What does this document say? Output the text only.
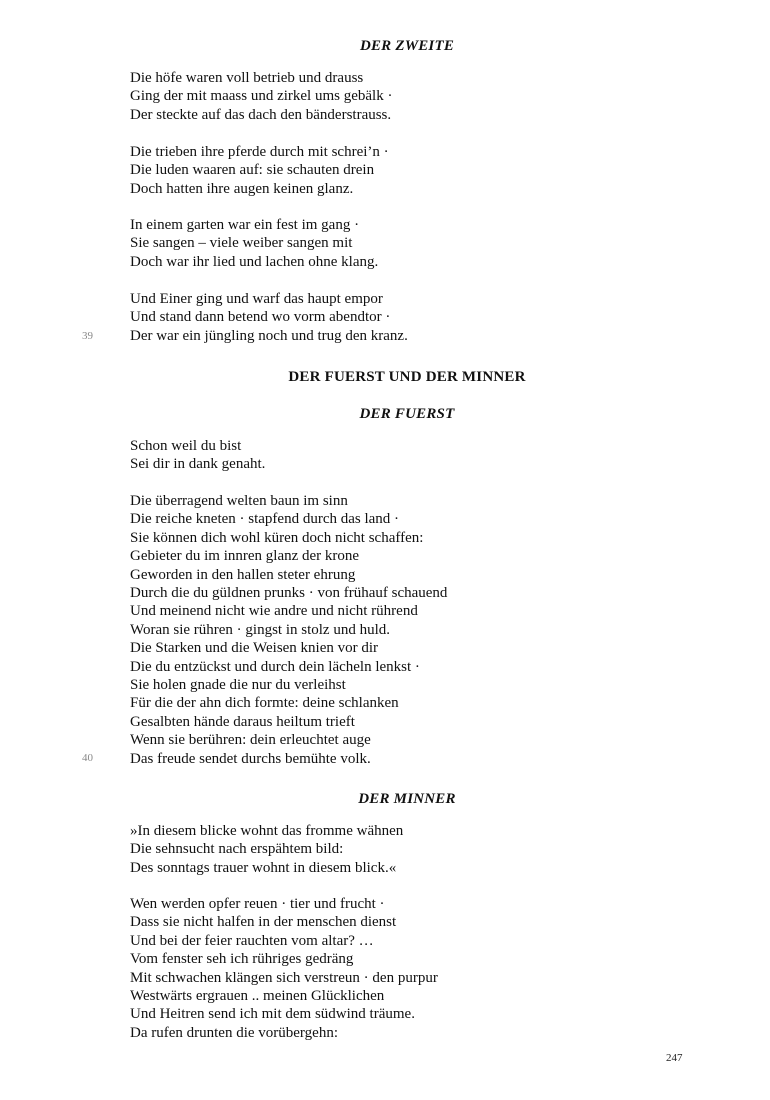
DER ZWEITE
Die höfe waren voll betrieb und drauss
Ging der mit maass und zirkel ums gebälk ·
Der steckte auf das dach den bänderstrauss.
Die trieben ihre pferde durch mit schrei’n ·
Die luden waaren auf: sie schauten drein
Doch hatten ihre augen keinen glanz.
In einem garten war ein fest im gang ·
Sie sangen – viele weiber sangen mit
Doch war ihr lied und lachen ohne klang.
Und Einer ging und warf das haupt empor
Und stand dann betend wo vorm abendtor ·
Der war ein jüngling noch und trug den kranz.
39
DER FUERST UND DER MINNER
DER FUERST
Schon weil du bist
Sei dir in dank genaht.
Die überragend welten baun im sinn
Die reiche kneten · stapfend durch das land ·
Sie können dich wohl küren doch nicht schaffen:
Gebieter du im innren glanz der krone
Geworden in den hallen steter ehrung
Durch die du güldnen prunks · von frühauf schauend
Und meinend nicht wie andre und nicht rührend
Woran sie rühren · gingst in stolz und huld.
Die Starken und die Weisen knien vor dir
Die du entzückst und durch dein lächeln lenkst ·
Sie holen gnade die nur du verleihst
Für die der ahn dich formte: deine schlanken
Gesalbten hände daraus heiltum trieft
Wenn sie berühren: dein erleuchtet auge
Das freude sendet durchs bemühte volk.
40
DER MINNER
»In diesem blicke wohnt das fromme wähnen
Die sehnsucht nach erspähtem bild:
Des sonntags trauer wohnt in diesem blick.«
Wen werden opfer reuen · tier und frucht ·
Dass sie nicht halfen in der menschen dienst
Und bei der feier rauchten vom altar? …
Vom fenster seh ich rühriges gedräng
Mit schwachen klängen sich verstreun · den purpur
Westwärts ergrauen .. meinen Glücklichen
Und Heitren send ich mit dem südwind träume.
Da rufen drunten die vorübergehn:
247
